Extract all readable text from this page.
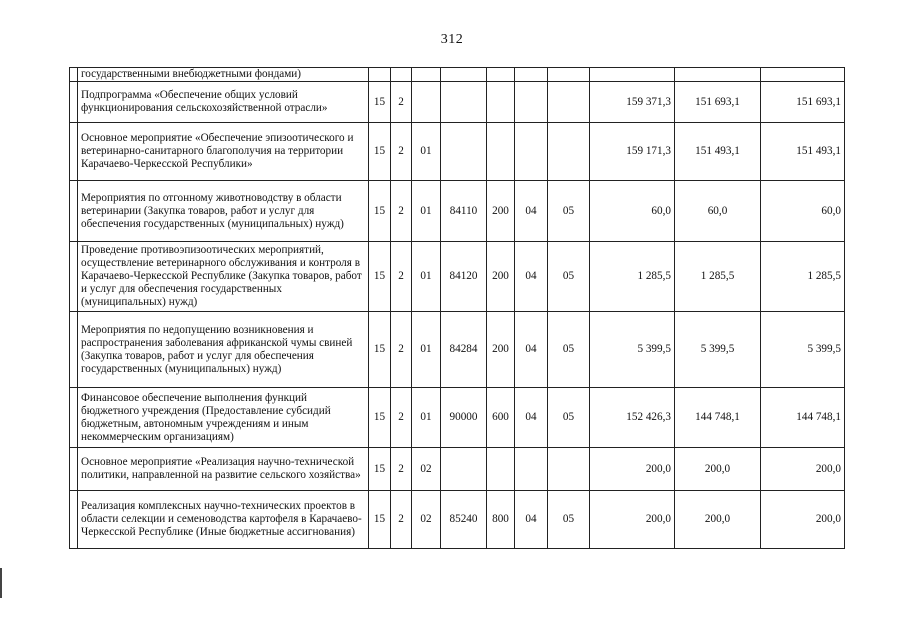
312
	государственными внебюджетными фондами)										
	Подпрограмма «Обеспечение общих условий функционирования сельскохозяйственной отрасли»	15	2						159 371,3	151 693,1	151 693,1
	Основное мероприятие «Обеспечение эпизоотического и ветеринарно-санитарного благополучия на территории Карачаево-Черкесской Республики»	15	2	01					159 171,3	151 493,1	151 493,1
	Мероприятия по отгонному животноводству в области ветеринарии (Закупка товаров, работ и услуг для обеспечения государственных (муниципальных) нужд)	15	2	01	84110	200	04	05	60,0	60,0	60,0
	Проведение противоэпизоотических мероприятий, осуществление ветеринарного обслуживания и контроля в Карачаево-Черкесской Республике (Закупка товаров, работ и услуг для обеспечения государственных (муниципальных) нужд)	15	2	01	84120	200	04	05	1 285,5	1 285,5	1 285,5
	Мероприятия по недопущению возникновения и распространения заболевания африканской чумы свиней (Закупка товаров, работ и услуг для обеспечения государственных (муниципальных) нужд)	15	2	01	84284	200	04	05	5 399,5	5 399,5	5 399,5
	Финансовое обеспечение выполнения функций бюджетного учреждения (Предоставление субсидий бюджетным, автономным учреждениям и иным некоммерческим организациям)	15	2	01	90000	600	04	05	152 426,3	144 748,1	144 748,1
	Основное мероприятие «Реализация научно-технической политики, направленной на развитие сельского хозяйства»	15	2	02					200,0	200,0	200,0
	Реализация комплексных научно-технических проектов в области селекции и семеноводства картофеля в Карачаево-Черкесской Республике (Иные бюджетные ассигнования)	15	2	02	85240	800	04	05	200,0	200,0	200,0
